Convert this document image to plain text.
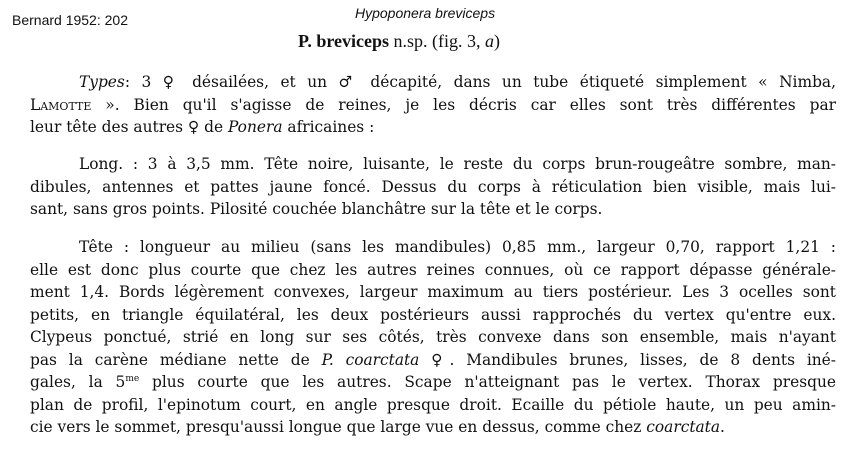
Bernard 1952: 202	Hypoponera breviceps
P. breviceps n.sp. (fig. 3, a)
Types: 3 ♀ désailées, et un ♂ décapité, dans un tube étiqueté simplement « Nimba,
Lamotte ». Bien qu'il s'agisse de reines, je les décris car elles sont très différentes par
leur tête des autres ♀ de Ponera africaines :
Long. : 3 à 3,5 mm. Tête noire, luisante, le reste du corps brun-rougeâtre sombre, man-
dibules, antennes et pattes jaune foncé. Dessus du corps à réticulation bien visible, mais lui-
sant, sans gros points. Pilosité couchée blanchâtre sur la tête et le corps.
Tête : longueur au milieu (sans les mandibules) 0,85 mm., largeur 0,70, rapport 1,21 :
elle est donc plus courte que chez les autres reines connues, où ce rapport dépasse générale-
ment 1,4. Bords légèrement convexes, largeur maximum au tiers postérieur. Les 3 ocelles sont
petits, en triangle équilatéral, les deux postérieurs aussi rapprochés du vertex qu'entre eux.
Clypeus ponctué, strié en long sur ses côtés, très convexe dans son ensemble, mais n'ayant
pas la carène médiane nette de P. coarctata ♀. Mandibules brunes, lisses, de 8 dents iné-
gales, la $5^{me}$ plus courte que les autres. Scape n'atteignant pas le vertex. Thorax presque
plan de profil, l'epinotum court, en angle presque droit. Ecaille du pétiole haute, un peu amin-
cie vers le sommet, presqu'aussi longue que large vue en dessus, comme chez coarctata.
